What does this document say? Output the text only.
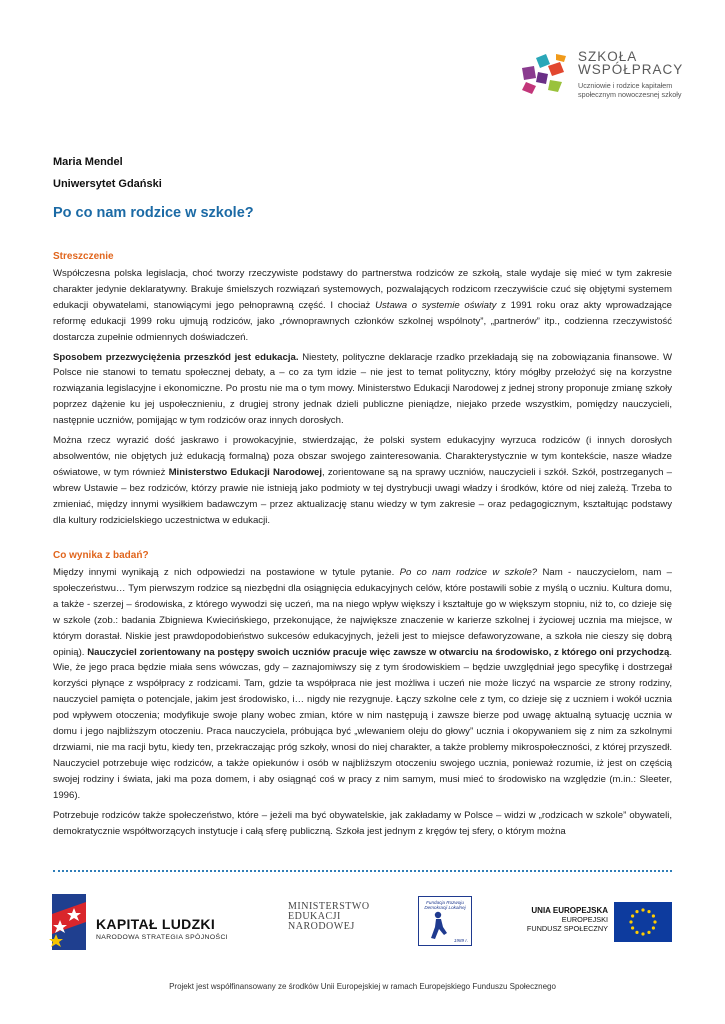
SZKOŁA
WSPÓŁPRACY
Uczniowie i rodzice kapitałem
społecznym nowoczesnej szkoły
Maria Mendel
Uniwersytet Gdański
Po co nam rodzice w szkole?
Streszczenie

Współczesna polska legislacja, choć tworzy rzeczywiste podstawy do partnerstwa rodziców ze szkołą, stale wydaje się mieć w tym zakresie charakter jedynie deklaratywny. Brakuje śmielszych rozwiązań systemowych, pozwalających rodzicom rzeczywiście czuć się objętymi systemem edukacji obywatelami, stanowiącymi jego pełnoprawną część. I chociaż Ustawa o systemie oświaty z 1991 roku oraz akty wprowadzające reformę edukacji 1999 roku ujmują rodziców, jako „równoprawnych członków szkolnej wspólnoty”, „partnerów” itp., codzienna rzeczywistość dostarcza zupełnie odmiennych doświadczeń.

Sposobem przezwyciężenia przeszkód jest edukacja. Niestety, polityczne deklaracje rzadko przekładają się na zobowiązania finansowe. W Polsce nie stanowi to tematu społecznej debaty, a – co za tym idzie – nie jest to temat polityczny, który mógłby przełożyć się na korzystne rozwiązania legislacyjne i ekonomiczne. Po prostu nie ma o tym mowy. Ministerstwo Edukacji Narodowej z jednej strony proponuje zmianę szkoły poprzez dążenie ku jej uspołecznieniu, z drugiej strony jednak dzieli publiczne pieniądze, niejako przede wszystkim, pomiędzy nauczycieli, następnie uczniów, pomijając w tym rodziców oraz innych dorosłych.

Można rzecz wyrazić dość jaskrawo i prowokacyjnie, stwierdzając, że polski system edukacyjny wyrzuca rodziców (i innych dorosłych absolwentów, nie objętych już edukacją formalną) poza obszar swojego zainteresowania. Charakterystycznie w tym kontekście, nasze władze oświatowe, w tym również Ministerstwo Edukacji Narodowej, zorientowane są na sprawy uczniów, nauczycieli i szkół. Szkół, postrzeganych – wbrew Ustawie – bez rodziców, którzy prawie nie istnieją jako podmioty w tej dystrybucji uwagi władzy i środków, które od niej zależą. Trzeba to zmieniać, między innymi wysiłkiem badawczym – przez aktualizację stanu wiedzy w tym zakresie – oraz pedagogicznym, kształtując podstawy dla kultury rodzicielskiego uczestnictwa w edukacji.

Co wynika z badań?

Między innymi wynikają z nich odpowiedzi na postawione w tytule pytanie. Po co nam rodzice w szkole? Nam - nauczycielom, nam – społeczeństwu… Tym pierwszym rodzice są niezbędni dla osiągnięcia edukacyjnych celów, które postawili sobie z myślą o uczniu. Kultura domu, a także - szerzej – środowiska, z którego wywodzi się uczeń, ma na niego wpływ większy i kształtuje go w większym stopniu, niż to, co dzieje się w szkole (zob.: badania Zbigniewa Kwiecińskiego, przekonujące, że największe znaczenie w karierze szkolnej i życiowej ucznia ma miejsce, w którym dorastał. Niskie jest prawdopodobieństwo sukcesów edukacyjnych, jeżeli jest to miejsce defaworyzowane, a szkoła nie cieszy się dobrą opinią). Nauczyciel zorientowany na postępy swoich uczniów pracuje więc zawsze w otwarciu na środowisko, z którego oni przychodzą. Wie, że jego praca będzie miała sens wówczas, gdy – zaznajomiwszy się z tym środowiskiem – będzie uwzględniał jego specyfikę i dostrzegał korzyści płynące z współpracy z rodzicami. Tam, gdzie ta współpraca nie jest możliwa i uczeń nie może liczyć na wsparcie ze strony rodziny, nauczyciel pamięta o potencjale, jakim jest środowisko, i… nigdy nie rezygnuje. Łączy szkolne cele z tym, co dzieje się z uczniem i wokół ucznia pod wpływem otoczenia; modyfikuje swoje plany wobec zmian, które w nim następują i zawsze bierze pod uwagę aktualną sytuację ucznia w domu i jego najbliższym otoczeniu. Praca nauczyciela, próbująca być „wlewaniem oleju do głowy” ucznia i okopywaniem się z nim za szkolnymi drzwiami, nie ma racji bytu, kiedy ten, przekraczając próg szkoły, wnosi do niej charakter, a także problemy mikrospołeczności, z której przyszedł. Nauczyciel potrzebuje więc rodziców, a także opiekunów i osób w najbliższym otoczeniu swojego ucznia, ponieważ rozumie, iż jest on częścią swojej rodziny i świata, jaki ma poza domem, i aby osiągnąć coś w pracy z nim samym, musi mieć to środowisko na względzie (m.in.: Sleeter, 1996).

Potrzebuje rodziców także społeczeństwo, które – jeżeli ma być obywatelskie, jak zakładamy w Polsce – widzi w „rodzicach w szkole” obywateli, demokratycznie współtworzących instytucje i całą sferę publiczną. Szkoła jest jednym z kręgów tej sfery, o którym można

KAPITAŁ LUDZKI
NARODOWA STRATEGIA SPÓJNOŚCI
MINISTERSTWO
EDUKACJI
NARODOWEJ
Fundacja Rozwoju
Demokracji Lokalnej
1989 r.
UNIA EUROPEJSKA
EUROPEJSKI
FUNDUSZ SPOŁECZNY
Projekt jest współfinansowany ze środków Unii Europejskiej w ramach Europejskiego Funduszu Społecznego
